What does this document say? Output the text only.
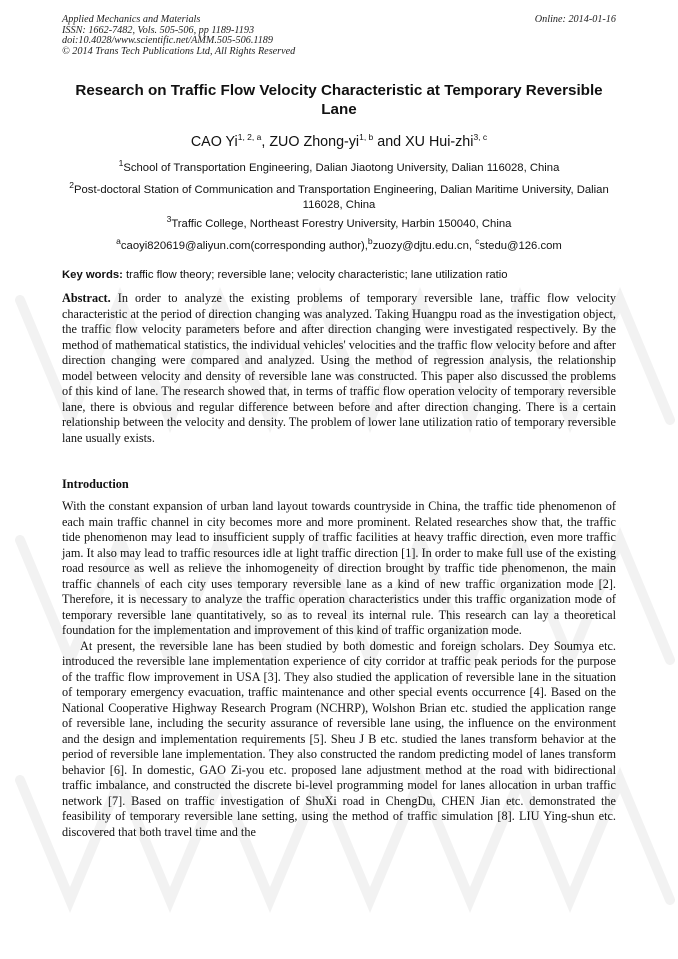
Applied Mechanics and Materials
ISSN: 1662-7482, Vols. 505-506, pp 1189-1193
doi:10.4028/www.scientific.net/AMM.505-506.1189
© 2014 Trans Tech Publications Ltd, All Rights Reserved
Online: 2014-01-16
Research on Traffic Flow Velocity Characteristic at Temporary Reversible Lane
CAO Yi$^{1, 2, a}$, ZUO Zhong-yi$^{1, b}$ and XU Hui-zhi$^{3, c}$
$^1$School of Transportation Engineering, Dalian Jiaotong University, Dalian 116028, China
$^2$Post-doctoral Station of Communication and Transportation Engineering, Dalian Maritime University, Dalian 116028, China
$^3$Traffic College, Northeast Forestry University, Harbin 150040, China
$^a$caoyi820619@aliyun.com(corresponding author),$^b$zuozy@djtu.edu.cn, $^c$stedu@126.com
Key words: traffic flow theory; reversible lane; velocity characteristic; lane utilization ratio
Abstract. In order to analyze the existing problems of temporary reversible lane, traffic flow velocity characteristic at the period of direction changing was analyzed. Taking Huangpu road as the investigation object, the traffic flow velocity parameters before and after direction changing were investigated respectively. By the method of mathematical statistics, the individual vehicles' velocities and the traffic flow velocity before and after direction changing were compared and analyzed. Using the method of regression analysis, the relationship model between velocity and density of reversible lane was constructed. This paper also discussed the problems of this kind of lane. The research showed that, in terms of traffic flow operation velocity of temporary reversible lane, there is obvious and regular difference between before and after direction changing. There is a certain relationship between the velocity and density. The problem of lower lane utilization ratio of temporary reversible lane usually exists.
Introduction

With the constant expansion of urban land layout towards countryside in China, the traffic tide phenomenon of each main traffic channel in city becomes more and more prominent. Related researches show that, the traffic tide phenomenon may lead to insufficient supply of traffic facilities at heavy traffic direction, even more traffic jam. It also may lead to traffic resources idle at light traffic direction [1]. In order to make full use of the existing road resource as well as relieve the inhomogeneity of direction brought by traffic tide phenomenon, the main traffic channels of each city uses temporary reversible lane as a kind of new traffic organization mode [2]. Therefore, it is necessary to analyze the traffic operation characteristics under this traffic organization mode of temporary reversible lane quantitatively, so as to reveal its internal rule. This research can lay a theoretical foundation for the implementation and improvement of this kind of traffic organization mode.

At present, the reversible lane has been studied by both domestic and foreign scholars. Dey Soumya etc. introduced the reversible lane implementation experience of city corridor at traffic peak periods for the purpose of the traffic flow improvement in USA [3]. They also studied the application of reversible lane in the situation of temporary emergency evacuation, traffic maintenance and other special events occurrence [4]. Based on the National Cooperative Highway Research Program (NCHRP), Wolshon Brian etc. studied the application range of reversible lane, including the security assurance of reversible lane using, the influence on the environment and the design and implementation requirements [5]. Sheu J B etc. studied the lanes transform behavior at the period of reversible lane implementation. They also constructed the random predicting model of lanes transform behavior [6]. In domestic, GAO Zi-you etc. proposed lane adjustment method at the road with bidirectional traffic imbalance, and constructed the discrete bi-level programming model for lanes allocation in urban traffic network [7]. Based on traffic investigation of ShuXi road in ChengDu, CHEN Jian etc. demonstrated the feasibility of temporary reversible lane setting, using the method of traffic simulation [8]. LIU Ying-shun etc. discovered that both travel time and the
